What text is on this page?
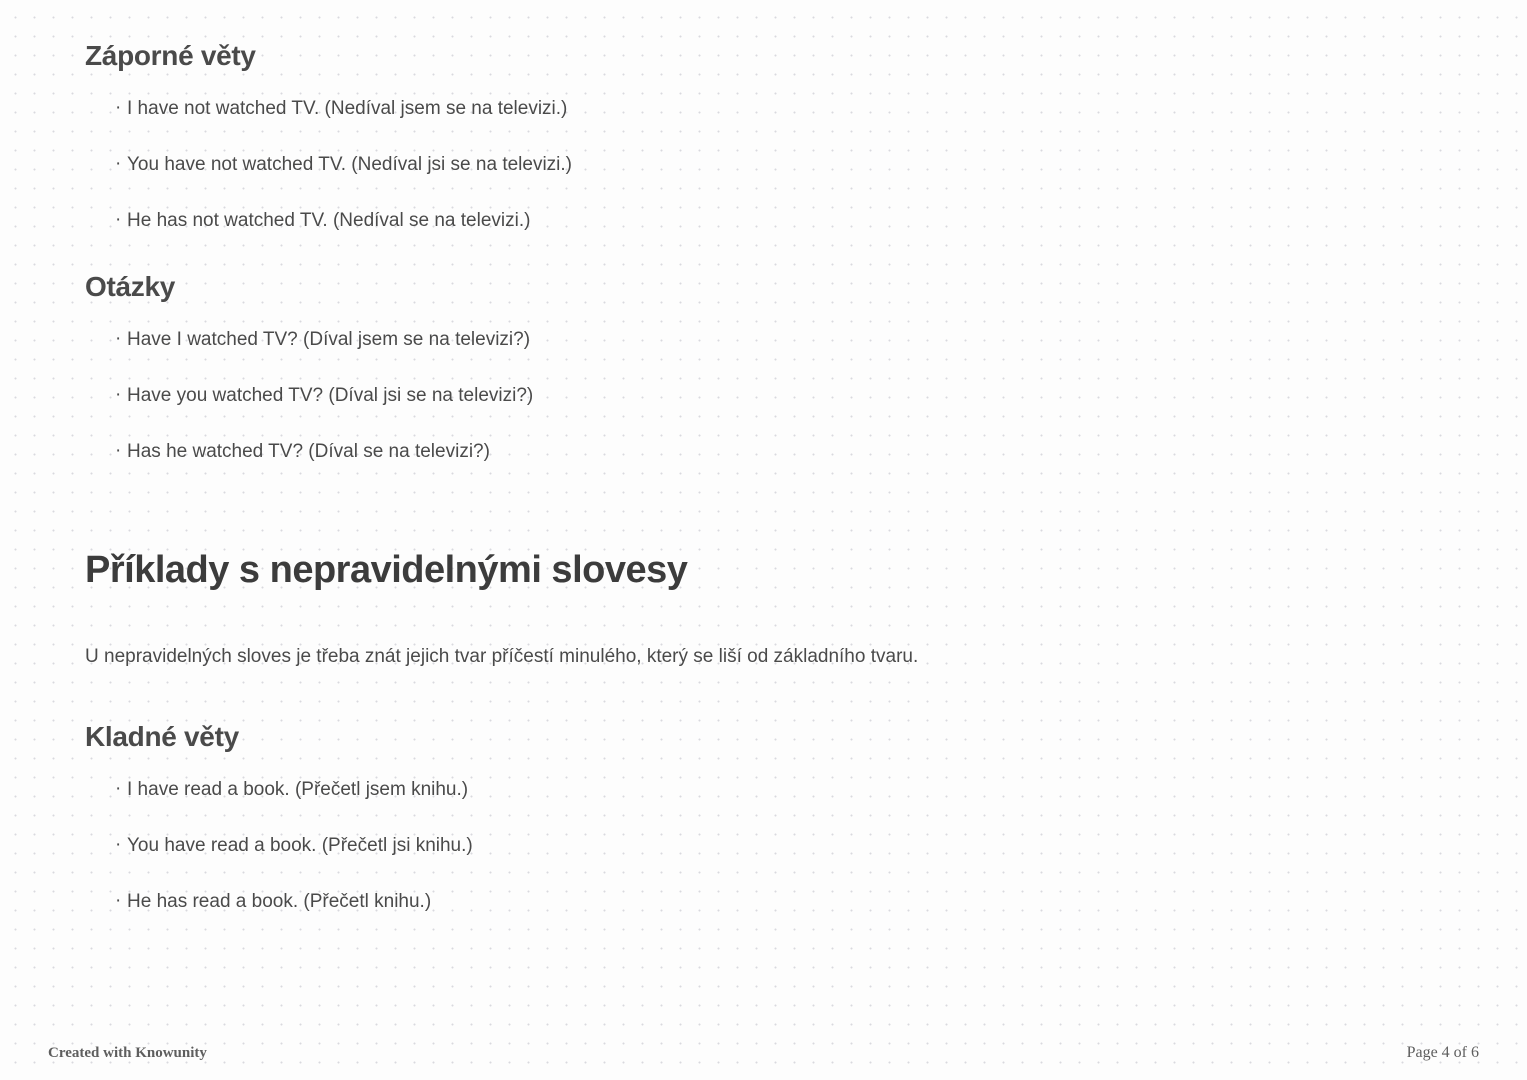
Záporné věty
· I have not watched TV. (Nedíval jsem se na televizi.)
· You have not watched TV. (Nedíval jsi se na televizi.)
· He has not watched TV. (Nedíval se na televizi.)
Otázky
· Have I watched TV? (Díval jsem se na televizi?)
· Have you watched TV? (Díval jsi se na televizi?)
· Has he watched TV? (Díval se na televizi?)
Příklady s nepravidelnými slovesy

U nepravidelných sloves je třeba znát jejich tvar příčestí minulého, který se liší od základního tvaru.

Kladné věty
· I have read a book. (Přečetl jsem knihu.)
· You have read a book. (Přečetl jsi knihu.)
· He has read a book. (Přečetl knihu.)
Created with Knowunity	Page 4 of 6
